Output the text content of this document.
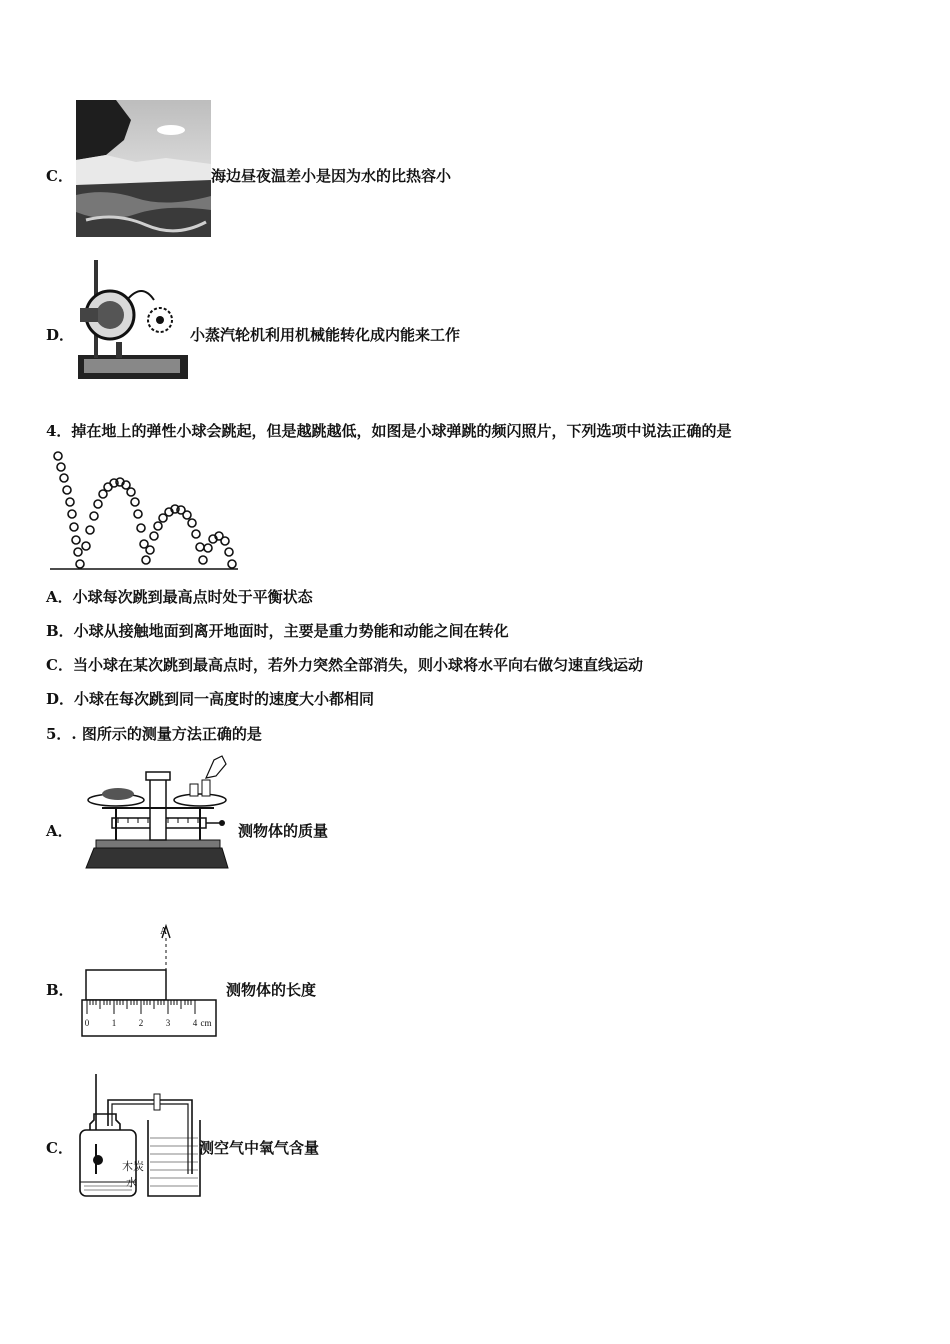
C．	海边昼夜温差小是因为水的比热容小
D．	小蒸汽轮机利用机械能转化成内能来工作
4．掉在地上的弹性小球会跳起，但是越跳越低，如图是小球弹跳的频闪照片，下列选项中说法正确的是
A．小球每次跳到最高点时处于平衡状态
B．小球从接触地面到离开地面时，主要是重力势能和动能之间在转化
C．当小球在某次跳到最高点时，若外力突然全部消失，则小球将水平向右做匀速直线运动
D．小球在每次跳到同一高度时的速度大小都相同
5．. 图所示的测量方法正确的是
A．	测物体的质量
B．
A
0	1	2	3	4 cm
测物体的长度
C．
木炭
水
测空气中氧气含量
